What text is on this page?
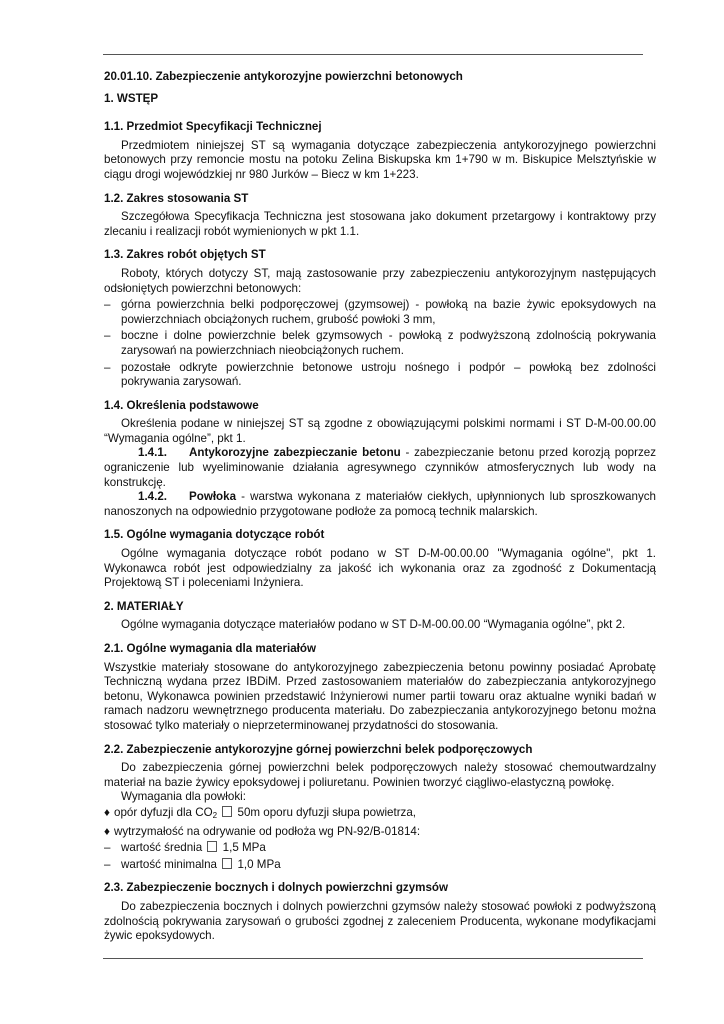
20.01.10. Zabezpieczenie antykorozyjne powierzchni betonowych

1. WSTĘP

1.1. Przedmiot Specyfikacji Technicznej

Przedmiotem niniejszej ST są wymagania dotyczące zabezpieczenia antykorozyjnego powierzchni betonowych przy remoncie mostu na potoku Zelina Biskupska km 1+790 w m. Biskupice Melsztyńskie w ciągu drogi wojewódzkiej nr 980 Jurków – Biecz w km 1+223.

1.2. Zakres stosowania ST

Szczegółowa Specyfikacja Techniczna jest stosowana jako dokument przetargowy i kontraktowy przy zlecaniu i realizacji robót wymienionych w pkt 1.1.

1.3. Zakres robót objętych ST

Roboty, których dotyczy ST, mają zastosowanie przy zabezpieczeniu antykorozyjnym następujących odsłoniętych powierzchni betonowych:

– górna powierzchnia belki podporęczowej (gzymsowej) - powłoką na bazie żywic epoksydowych na powierzchniach obciążonych ruchem, grubość powłoki 3 mm,
– boczne i dolne powierzchnie belek gzymsowych - powłoką z podwyższoną zdolnością pokrywania zarysowań na powierzchniach nieobciążonych ruchem.
– pozostałe odkryte powierzchnie betonowe ustroju nośnego i podpór – powłoką bez zdolności pokrywania zarysowań.

1.4. Określenia podstawowe

Określenia podane w niniejszej ST są zgodne z obowiązującymi polskimi normami i ST D-M-00.00.00 “Wymagania ogólne”, pkt 1.

1.4.1. Antykorozyjne zabezpieczanie betonu - zabezpieczanie betonu przed korozją poprzez ograniczenie lub wyeliminowanie działania agresywnego czynników atmosferycznych lub wody na konstrukcję.

1.4.2. Powłoka - warstwa wykonana z materiałów ciekłych, upłynnionych lub sproszkowanych nanoszonych na odpowiednio przygotowane podłoże za pomocą technik malarskich.

1.5. Ogólne wymagania dotyczące robót

Ogólne wymagania dotyczące robót podano w ST D-M-00.00.00 "Wymagania ogólne", pkt 1. Wykonawca robót jest odpowiedzialny za jakość ich wykonania oraz za zgodność z Dokumentacją Projektową ST i poleceniami Inżyniera.

2. MATERIAŁY

Ogólne wymagania dotyczące materiałów podano w ST D-M-00.00.00 “Wymagania ogólne”, pkt 2.

2.1. Ogólne wymagania dla materiałów

Wszystkie materiały stosowane do antykorozyjnego zabezpieczenia betonu powinny posiadać Aprobatę Techniczną wydana przez IBDiM. Przed zastosowaniem materiałów do zabezpieczania antykorozyjnego betonu, Wykonawca powinien przedstawić Inżynierowi numer partii towaru oraz aktualne wyniki badań w ramach nadzoru wewnętrznego producenta materiału. Do zabezpieczania antykorozyjnego betonu można stosować tylko materiały o nieprzeterminowanej przydatności do stosowania.

2.2. Zabezpieczenie antykorozyjne górnej powierzchni belek podporęczowych

Do zabezpieczenia górnej powierzchni belek podporęczowych należy stosować chemoutwardzalny materiał na bazie żywicy epoksydowej i poliuretanu. Powinien tworzyć ciągliwo-elastyczną powłokę.

Wymagania dla powłoki:

♦ opór dyfuzji dla $CO_2$ 50m oporu dyfuzji słupa powietrza,
♦ wytrzymałość na odrywanie od podłoża wg PN-92/B-01814:
– wartość średnia 1,5 MPa
– wartość minimalna 1,0 MPa

2.3. Zabezpieczenie bocznych i dolnych powierzchni gzymsów

Do zabezpieczenia bocznych i dolnych powierzchni gzymsów należy stosować powłoki z podwyższoną zdolnością pokrywania zarysowań o grubości zgodnej z zaleceniem Producenta, wykonane modyfikacjami żywic epoksydowych.
